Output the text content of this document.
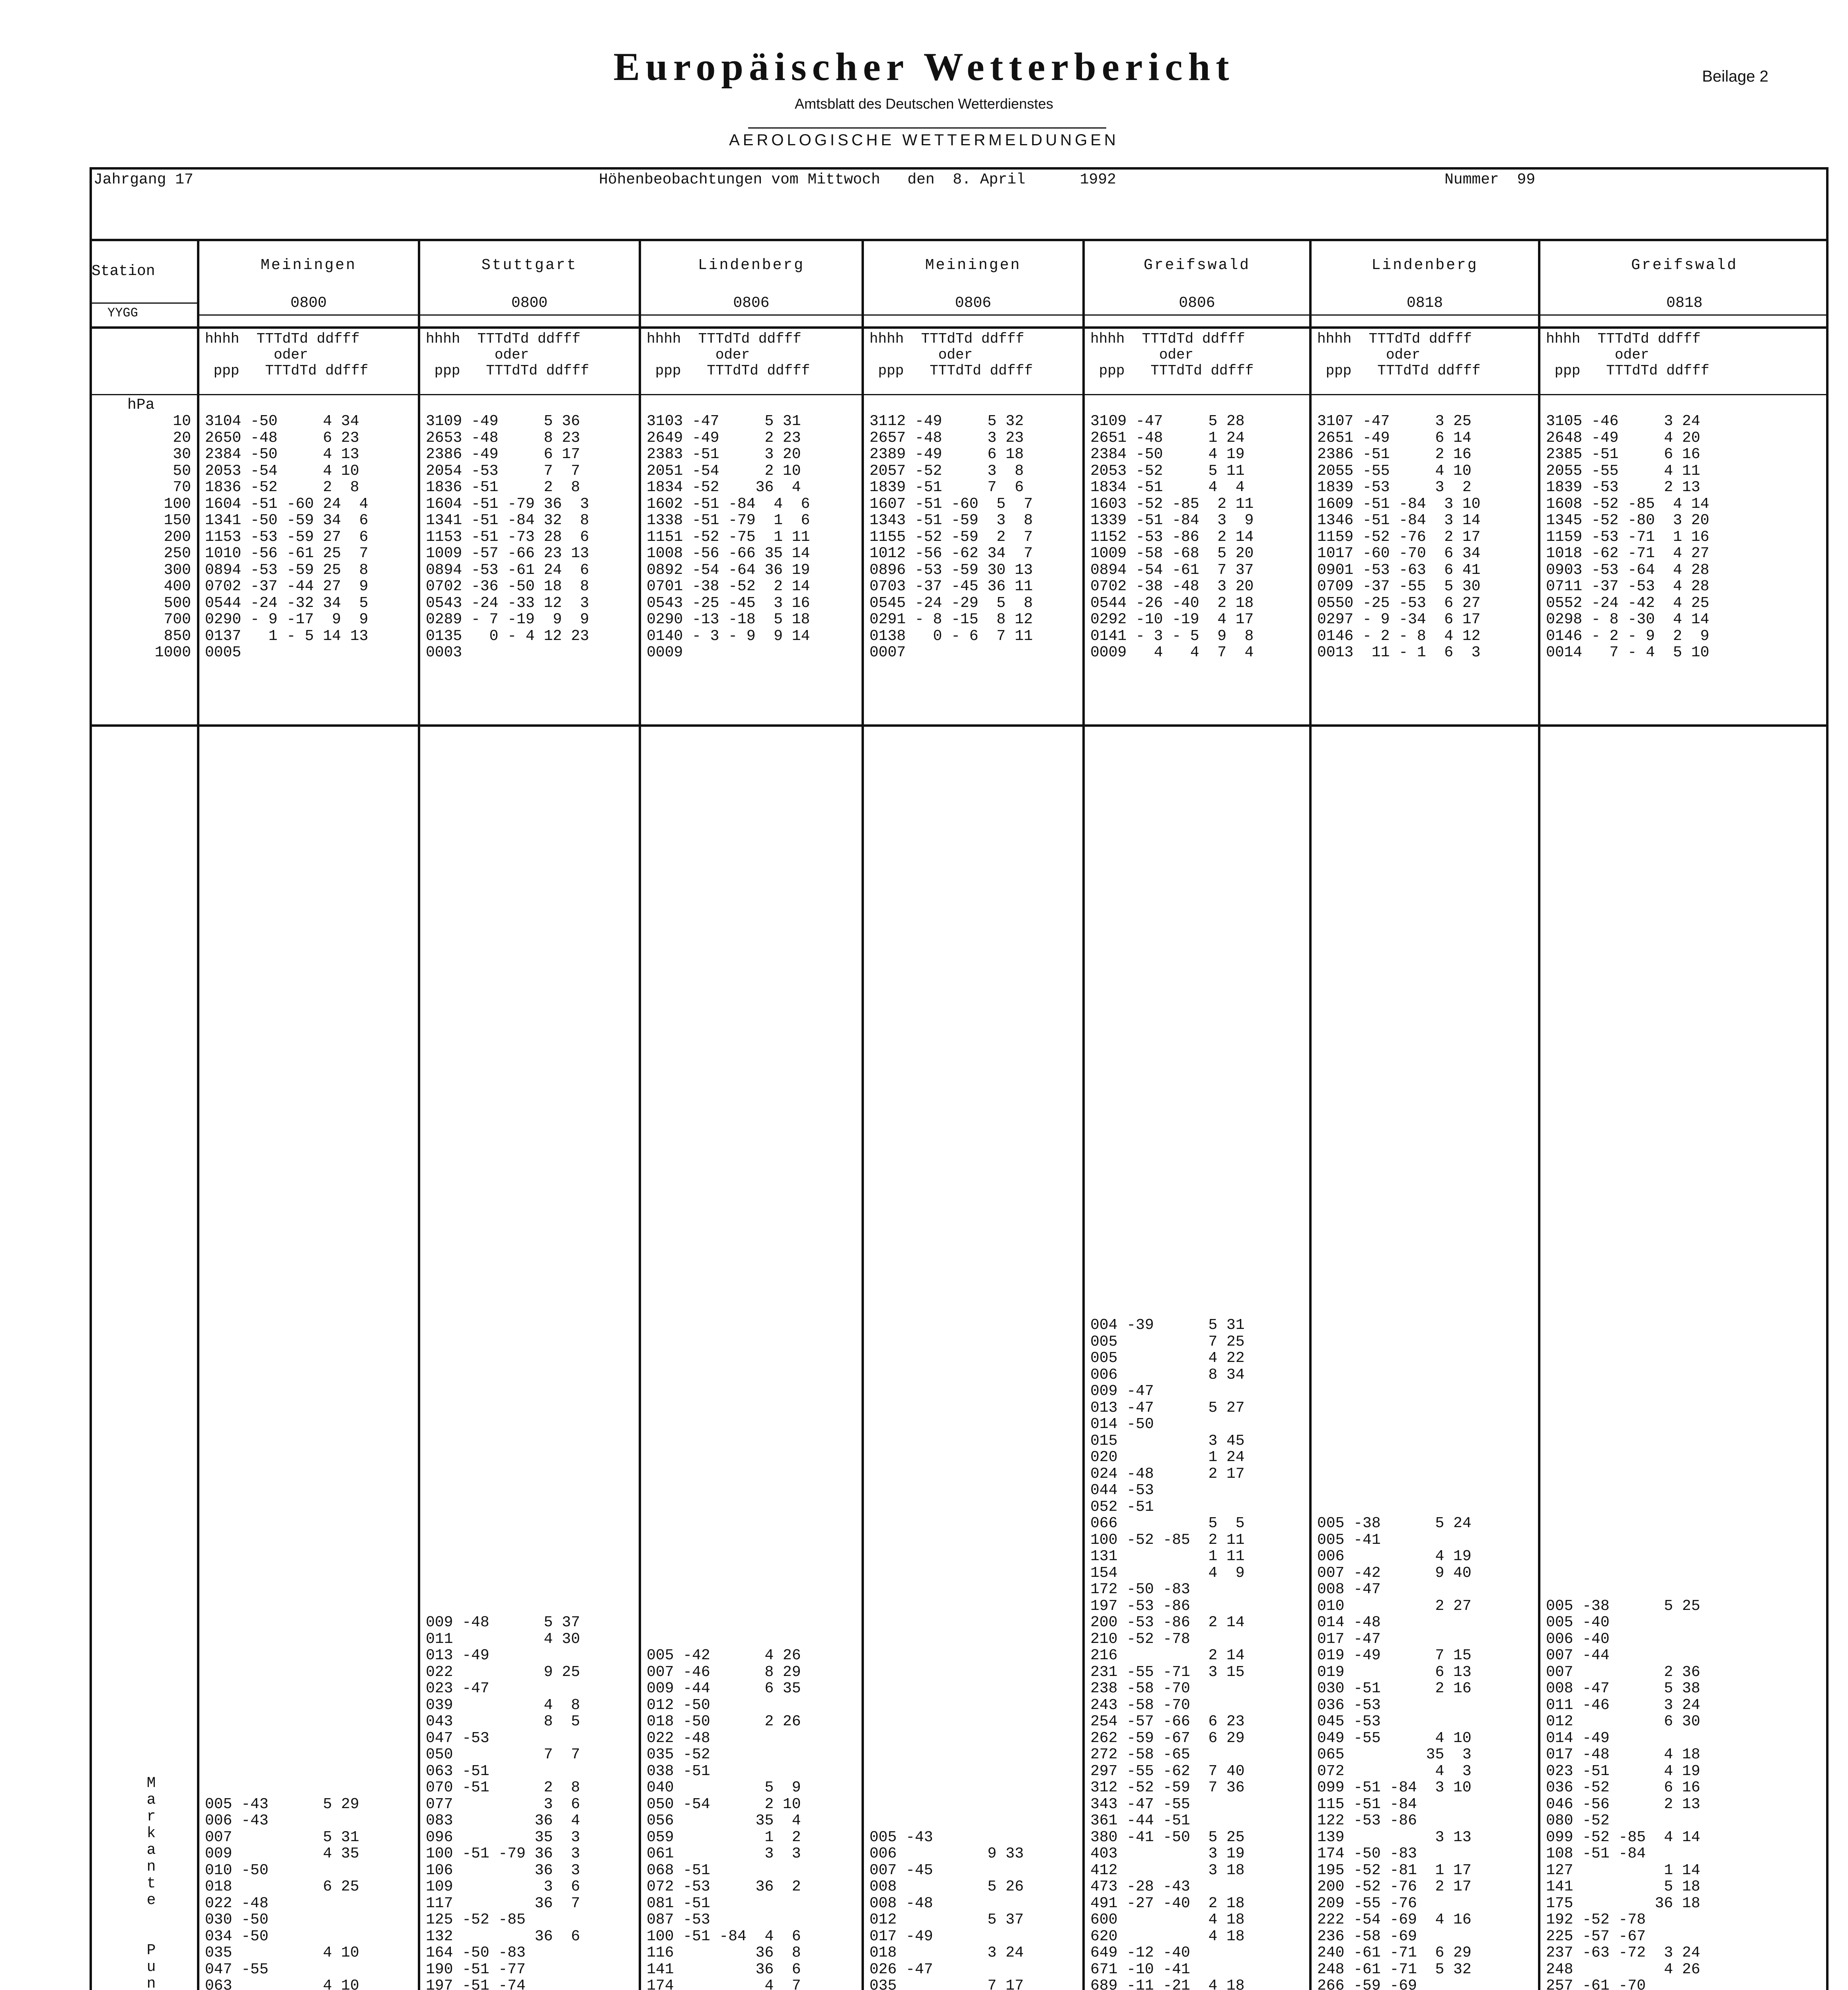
Europäischer Wetterbericht
Amtsblatt des Deutschen Wetterdienstes
AEROLOGISCHE WETTERMELDUNGEN
Beilage 2
Jahrgang 17	Höhenbeobachtungen vom Mittwoch   den  8. April      1992	Nummer  99
Station
YYGG
hPa
10
20
30
50
70
100
150
200
250
300
400
500
700
850
1000
M
a
r
k
a
n
t
e

P
u
n

Meiningen
0800
hhhh  TTTdTd ddfff
oder
ppp   TTTdTd ddfff
3104 -50     4 34
2650 -48     6 23
2384 -50     4 13
2053 -54     4 10
1836 -52     2  8
1604 -51 -60 24  4
1341 -50 -59 34  6
1153 -53 -59 27  6
1010 -56 -61 25  7
0894 -53 -59 25  8
0702 -37 -44 27  9
0544 -24 -32 34  5
0290 - 9 -17  9  9
0137   1 - 5 14 13
0005
005 -43      5 29
006 -43
007          5 31
009          4 35
010 -50
018          6 25
022 -48
030 -50
034 -50
035          4 10
047 -55
063          4 10

Stuttgart
0800
hhhh  TTTdTd ddfff
oder
ppp   TTTdTd ddfff
3109 -49     5 36
2653 -48     8 23
2386 -49     6 17
2054 -53     7  7
1836 -51     2  8
1604 -51 -79 36  3
1341 -51 -84 32  8
1153 -51 -73 28  6
1009 -57 -66 23 13
0894 -53 -61 24  6
0702 -36 -50 18  8
0543 -24 -33 12  3
0289 - 7 -19  9  9
0135   0 - 4 12 23
0003
009 -48      5 37
011          4 30
013 -49
022          9 25
023 -47
039          4  8
043          8  5
047 -53
050          7  7
063 -51
070 -51      2  8
077          3  6
083         36  4
096         35  3
100 -51 -79 36  3
106         36  3
109          3  6
117         36  7
125 -52 -85
132         36  6
164 -50 -83
190 -51 -77
197 -51 -74

Lindenberg
0806
hhhh  TTTdTd ddfff
oder
ppp   TTTdTd ddfff
3103 -47     5 31
2649 -49     2 23
2383 -51     3 20
2051 -54     2 10
1834 -52    36  4
1602 -51 -84  4  6
1338 -51 -79  1  6
1151 -52 -75  1 11
1008 -56 -66 35 14
0892 -54 -64 36 19
0701 -38 -52  2 14
0543 -25 -45  3 16
0290 -13 -18  5 18
0140 - 3 - 9  9 14
0009
005 -42      4 26
007 -46      8 29
009 -44      6 35
012 -50
018 -50      2 26
022 -48
035 -52
038 -51
040          5  9
050 -54      2 10
056         35  4
059          1  2
061          3  3
068 -51
072 -53     36  2
081 -51
087 -53
100 -51 -84  4  6
116         36  8
141         36  6
174          4  7

Meiningen
0806
hhhh  TTTdTd ddfff
oder
ppp   TTTdTd ddfff
3112 -49     5 32
2657 -48     3 23
2389 -49     6 18
2057 -52     3  8
1839 -51     7  6
1607 -51 -60  5  7
1343 -51 -59  3  8
1155 -52 -59  2  7
1012 -56 -62 34  7
0896 -53 -59 30 13
0703 -37 -45 36 11
0545 -24 -29  5  8
0291 - 8 -15  8 12
0138   0 - 6  7 11
0007
005 -43
006          9 33
007 -45
008          5 26
008 -48
012          5 37
017 -49
018          3 24
026 -47
035          7 17

Greifswald
0806
hhhh  TTTdTd ddfff
oder
ppp   TTTdTd ddfff
3109 -47     5 28
2651 -48     1 24
2384 -50     4 19
2053 -52     5 11
1834 -51     4  4
1603 -52 -85  2 11
1339 -51 -84  3  9
1152 -53 -86  2 14
1009 -58 -68  5 20
0894 -54 -61  7 37
0702 -38 -48  3 20
0544 -26 -40  2 18
0292 -10 -19  4 17
0141 - 3 - 5  9  8
0009   4   4  7  4
004 -39      5 31
005          7 25
005          4 22
006          8 34
009 -47
013 -47      5 27
014 -50
015          3 45
020          1 24
024 -48      2 17
044 -53
052 -51
066          5  5
100 -52 -85  2 11
131          1 11
154          4  9
172 -50 -83
197 -53 -86
200 -53 -86  2 14
210 -52 -78
216          2 14
231 -55 -71  3 15
238 -58 -70
243 -58 -70
254 -57 -66  6 23
262 -59 -67  6 29
272 -58 -65
297 -55 -62  7 40
312 -52 -59  7 36
343 -47 -55
361 -44 -51
380 -41 -50  5 25
403          3 19
412          3 18
473 -28 -43
491 -27 -40  2 18
600          4 18
620          4 18
649 -12 -40
671 -10 -41
689 -11 -21  4 18

Lindenberg
0818
hhhh  TTTdTd ddfff
oder
ppp   TTTdTd ddfff
3107 -47     3 25
2651 -49     6 14
2386 -51     2 16
2055 -55     4 10
1839 -53     3  2
1609 -51 -84  3 10
1346 -51 -84  3 14
1159 -52 -76  2 17
1017 -60 -70  6 34
0901 -53 -63  6 41
0709 -37 -55  5 30
0550 -25 -53  6 27
0297 - 9 -34  6 17
0146 - 2 - 8  4 12
0013  11 - 1  6  3
005 -38      5 24
005 -41
006          4 19
007 -42      9 40
008 -47
010          2 27
014 -48
017 -47
019 -49      7 15
019          6 13
030 -51      2 16
036 -53
045 -53
049 -55      4 10
065         35  3
072          4  3
099 -51 -84  3 10
115 -51 -84
122 -53 -86
139          3 13
174 -50 -83
195 -52 -81  1 17
200 -52 -76  2 17
209 -55 -76
222 -54 -69  4 16
236 -58 -69
240 -61 -71  6 29
248 -61 -71  5 32
266 -59 -69

Greifswald
0818
hhhh  TTTdTd ddfff
oder
ppp   TTTdTd ddfff
3105 -46     3 24
2648 -49     4 20
2385 -51     6 16
2055 -55     4 11
1839 -53     2 13
1608 -52 -85  4 14
1345 -52 -80  3 20
1159 -53 -71  1 16
1018 -62 -71  4 27
0903 -53 -64  4 28
0711 -37 -53  4 28
0552 -24 -42  4 25
0298 - 8 -30  4 14
0146 - 2 - 9  2  9
0014   7 - 4  5 10
005 -38      5 25
005 -40
006 -40
007 -44
007          2 36
008 -47      5 38
011 -46      3 24
012          6 30
014 -49
017 -48      4 18
023 -51      4 19
036 -52      6 16
046 -56      2 13
080 -52
099 -52 -85  4 14
108 -51 -84
127          1 14
141          5 18
175         36 18
192 -52 -78
225 -57 -67
237 -63 -72  3 24
248          4 26
257 -61 -70
